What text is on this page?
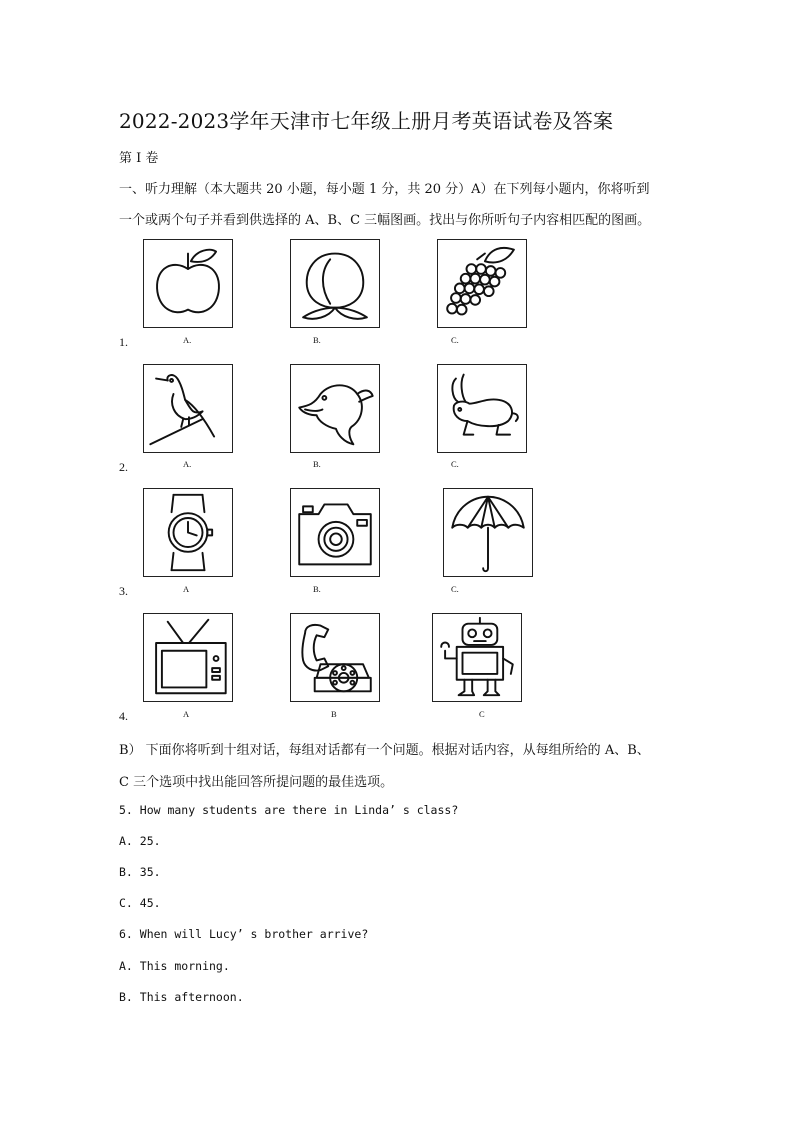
2022-2023学年天津市七年级上册月考英语试卷及答案
第 I 卷
一、听力理解（本大题共 20 小题，每小题 1 分，共 20 分）A）在下列每小题内，你将听到
一个或两个句子并看到供选择的 A、B、C 三幅图画。找出与你所听句子内容相匹配的图画。
1.	A.	B.	C.
2.	A.	B.	C.
3.	A	B.	C.
4.	A	B	C
B） 下面你将听到十组对话，每组对话都有一个问题。根据对话内容，从每组所给的 A、B、
C 三个选项中找出能回答所提问题的最佳选项。
5. How many students are there in Linda’ s class?
A. 25.
B. 35.
C. 45.
6. When will Lucy’ s brother arrive?
A. This morning.
B. This afternoon.
